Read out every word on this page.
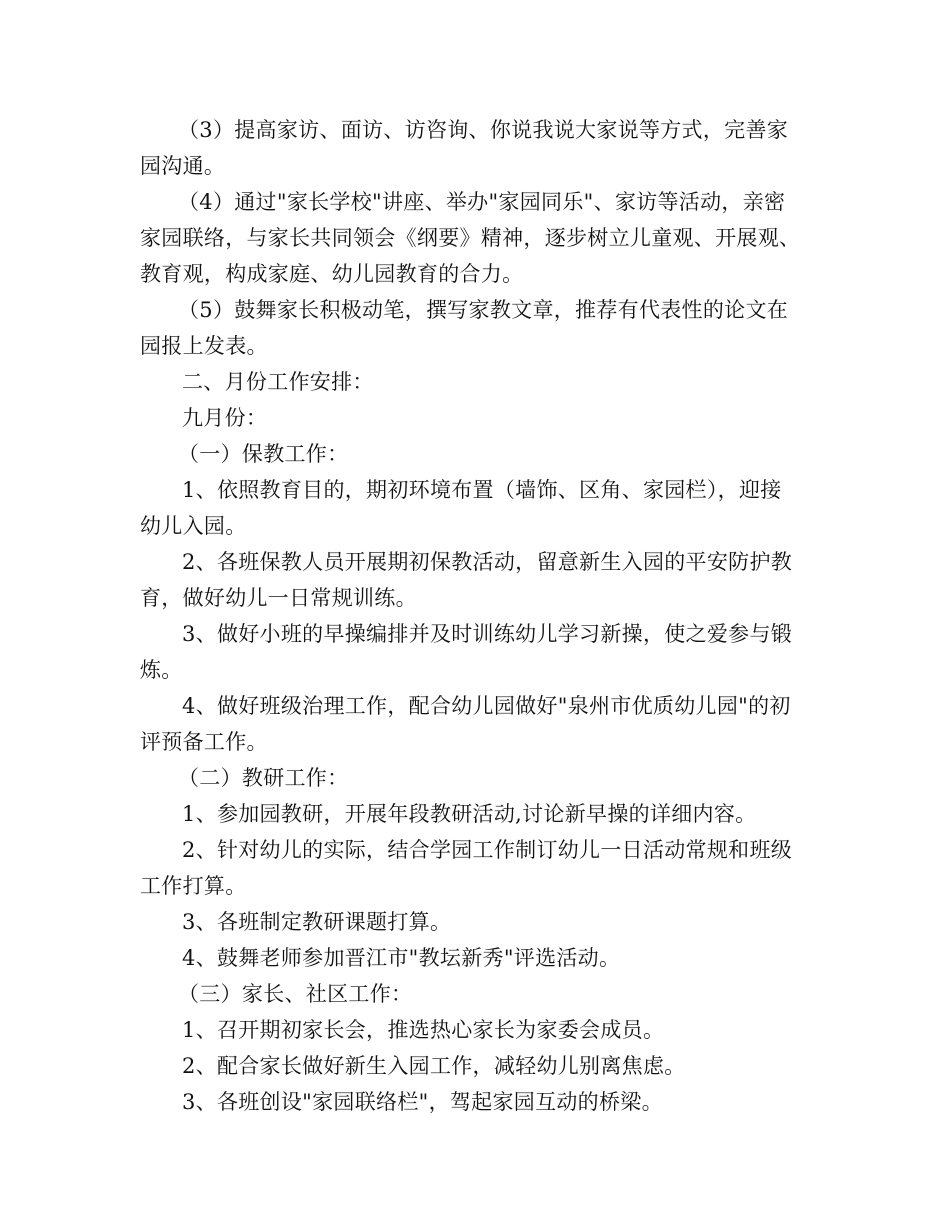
（3）提高家访、面访、访咨询、你说我说大家说等方式，完善家
园沟通。
（4）通过"家长学校"讲座、举办"家园同乐"、家访等活动，亲密
家园联络，与家长共同领会《纲要》精神，逐步树立儿童观、开展观、
教育观，构成家庭、幼儿园教育的合力。
（5）鼓舞家长积极动笔，撰写家教文章，推荐有代表性的论文在
园报上发表。
二、月份工作安排：
九月份：
（一）保教工作：
1、依照教育目的，期初环境布置（墙饰、区角、家园栏），迎接
幼儿入园。
2、各班保教人员开展期初保教活动，留意新生入园的平安防护教
育，做好幼儿一日常规训练。
3、做好小班的早操编排并及时训练幼儿学习新操，使之爱参与锻
炼。
4、做好班级治理工作，配合幼儿园做好"泉州市优质幼儿园"的初
评预备工作。
（二）教研工作：
1、参加园教研，开展年段教研活动,讨论新早操的详细内容。
2、针对幼儿的实际，结合学园工作制订幼儿一日活动常规和班级
工作打算。
3、各班制定教研课题打算。
4、鼓舞老师参加晋江市"教坛新秀"评选活动。
（三）家长、社区工作：
1、召开期初家长会，推选热心家长为家委会成员。
2、配合家长做好新生入园工作，减轻幼儿别离焦虑。
3、各班创设"家园联络栏"，驾起家园互动的桥梁。
